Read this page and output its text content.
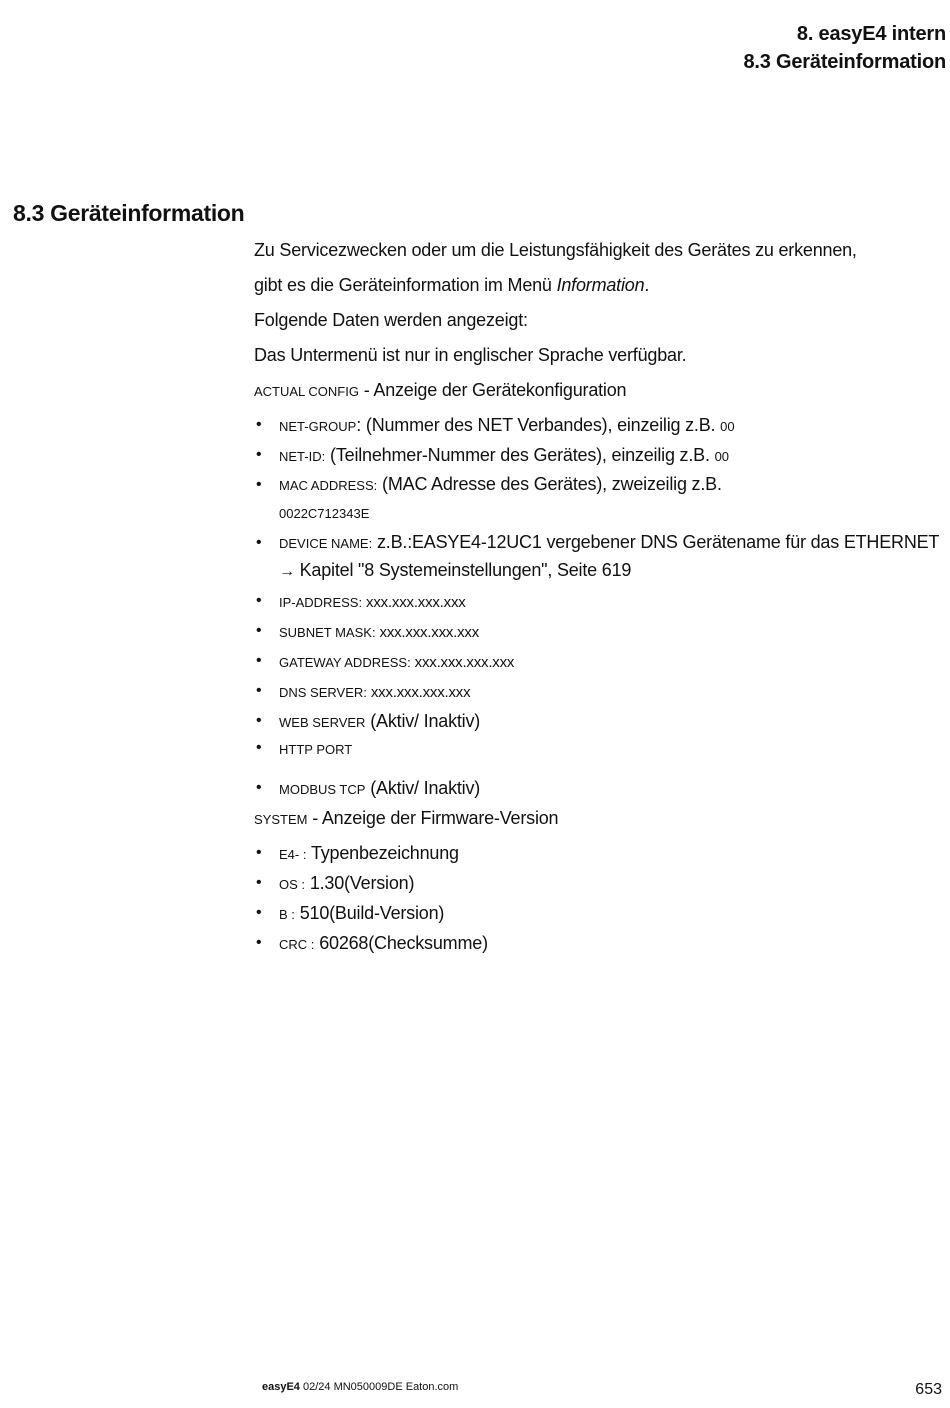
8. easyE4 intern
8.3 Geräteinformation
8.3 Geräteinformation

Zu Servicezwecken oder um die Leistungsfähigkeit des Gerätes zu erkennen,

gibt es die Geräteinformation im Menü Information.

Folgende Daten werden angezeigt:

Das Untermenü ist nur in englischer Sprache verfügbar.

ACTUAL CONFIG - Anzeige der Gerätekonfiguration

• NET-GROUP: (Nummer des NET Verbandes), einzeilig z.B. 00
• NET-ID: (Teilnehmer-Nummer des Gerätes), einzeilig z.B. 00
• MAC ADDRESS: (MAC Adresse des Gerätes), zweizeilig z.B. 0022C712343E
• DEVICE NAME: z.B.:EASYE4-12UC1 vergebener DNS Gerätename für das ETHERNET
→ Kapitel "8 Systemeinstellungen", Seite 619
• IP-ADDRESS: xxx.xxx.xxx.xxx
• SUBNET MASK: xxx.xxx.xxx.xxx
• GATEWAY ADDRESS: xxx.xxx.xxx.xxx
• DNS SERVER: xxx.xxx.xxx.xxx
• WEB SERVER (Aktiv/ Inaktiv)
• HTTP PORT
• MODBUS TCP (Aktiv/ Inaktiv)

SYSTEM - Anzeige der Firmware-Version

• E4- : Typenbezeichnung
• OS : 1.30(Version)
• B : 510(Build-Version)
• CRC : 60268(Checksumme)
easyE4 02/24 MN050009DE Eaton.com	653
